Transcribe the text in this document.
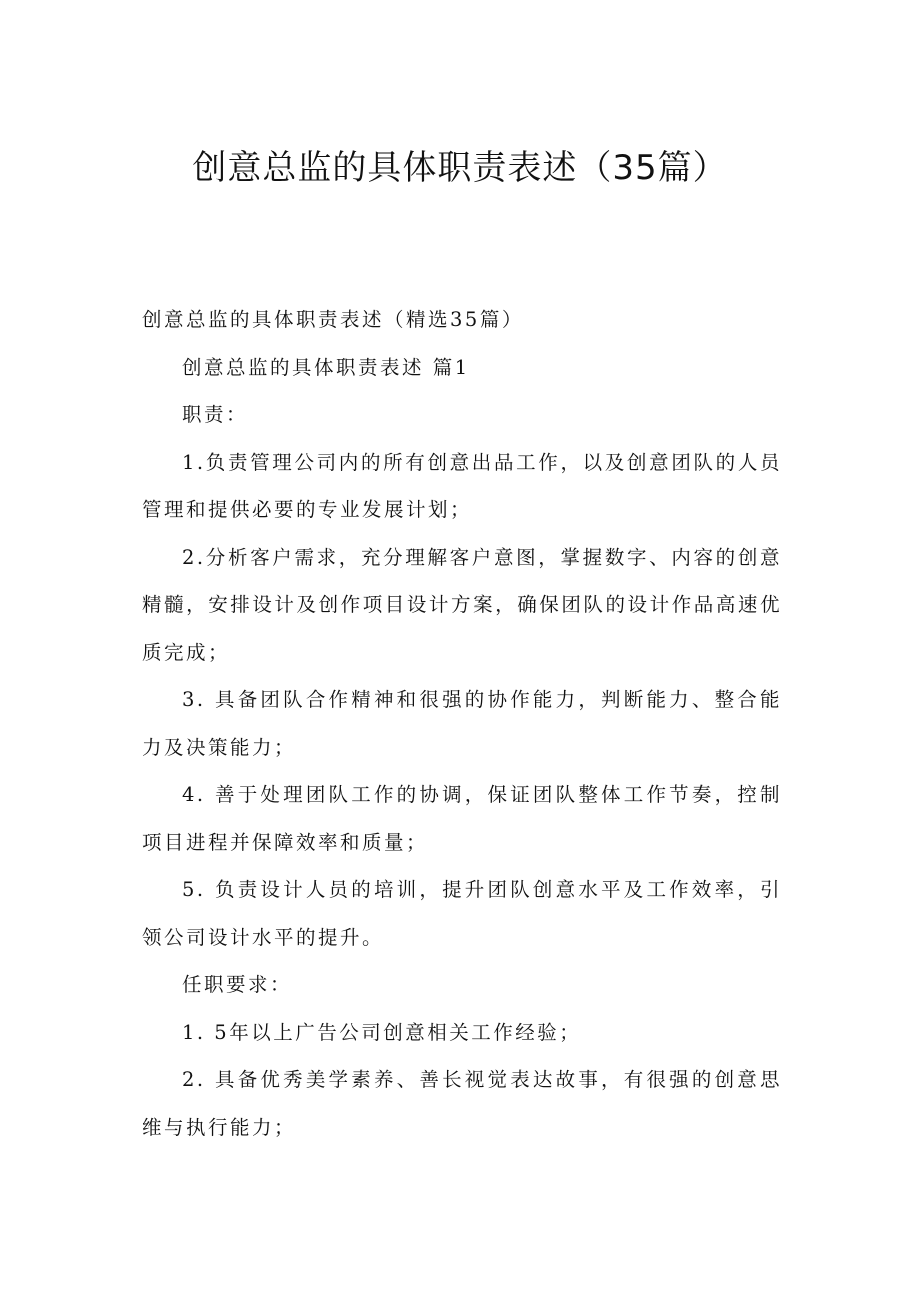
创意总监的具体职责表述（35篇）

创意总监的具体职责表述（精选35篇）

创意总监的具体职责表述 篇1

职责：

1.负责管理公司内的所有创意出品工作，以及创意团队的人员管理和提供必要的专业发展计划；

2.分析客户需求，充分理解客户意图，掌握数字、内容的创意精髓，安排设计及创作项目设计方案，确保团队的设计作品高速优质完成；

3. 具备团队合作精神和很强的协作能力，判断能力、整合能力及决策能力；

4. 善于处理团队工作的协调，保证团队整体工作节奏，控制项目进程并保障效率和质量；

5. 负责设计人员的培训，提升团队创意水平及工作效率，引领公司设计水平的提升。

任职要求：

1. 5年以上广告公司创意相关工作经验；

2. 具备优秀美学素养、善长视觉表达故事，有很强的创意思维与执行能力；
